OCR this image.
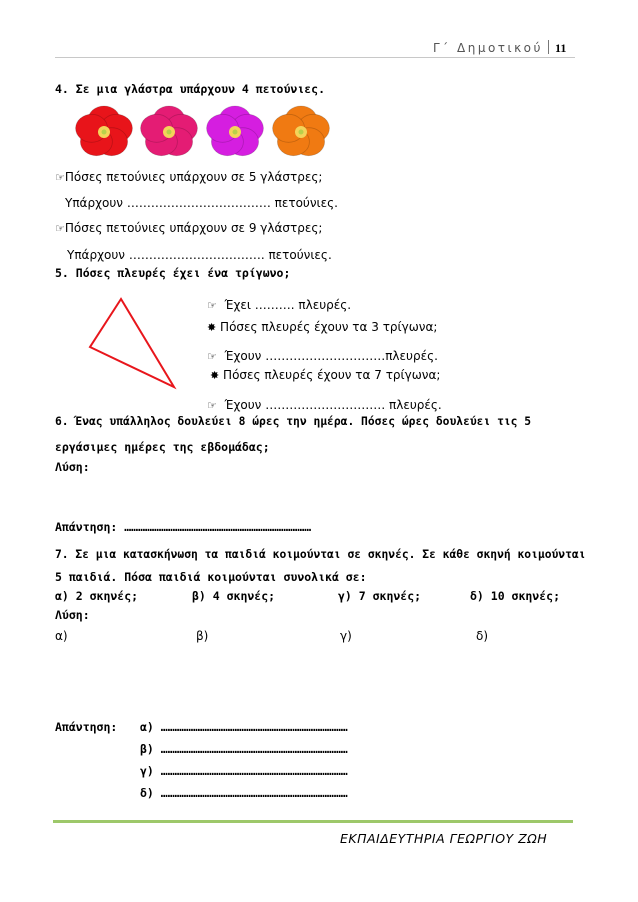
Γ΄ Δημοτικού 11
4. Σε μια γλάστρα υπάρχουν 4 πετούνιες.
☞Πόσες πετούνιες υπάρχουν σε 5 γλάστρες;
Υπάρχουν ……………………………… πετούνιες.
☞Πόσες πετούνιες υπάρχουν σε 9 γλάστρες;
Υπάρχουν ……………………………. πετούνιες.
5. Πόσες πλευρές έχει ένα τρίγωνο;
☞ Έχει ………. πλευρές.
✸ Πόσες πλευρές έχουν τα 3 τρίγωνα;
☞ Έχουν …………………………πλευρές.
✸ Πόσες πλευρές έχουν τα 7 τρίγωνα;
☞ Έχουν ………………………… πλευρές.
6. Ένας υπάλληλος δουλεύει 8 ώρες την ημέρα. Πόσες ώρες δουλεύει τις 5
εργάσιμες ημέρες της εβδομάδας;
Λύση:
Απάντηση: ………………………………………………………………………
7. Σε μια κατασκήνωση τα παιδιά κοιμούνται σε σκηνές. Σε κάθε σκηνή κοιμούνται
5 παιδιά. Πόσα παιδιά κοιμούνται συνολικά σε:
α) 2 σκηνές;	β) 4 σκηνές;	γ) 7 σκηνές;	δ) 10 σκηνές;
Λύση:
α)	β)	γ)	δ)
Απάντηση: α) ………………………………………………………………………
β) ………………………………………………………………………
γ) ………………………………………………………………………
δ) ………………………………………………………………………
ΕΚΠΑΙΔΕΥΤΗΡΙΑ ΓΕΩΡΓΙΟΥ ΖΩΗ
